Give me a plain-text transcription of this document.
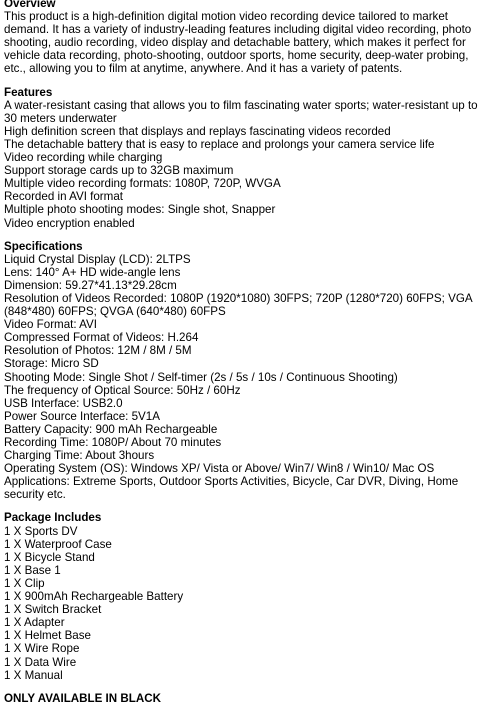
Overview
This product is a high-definition digital motion video recording device tailored to market demand. It has a variety of industry-leading features including digital video recording, photo shooting, audio recording, video display and detachable battery, which makes it perfect for vehicle data recording, photo-shooting, outdoor sports, home security, deep-water probing, etc., allowing you to film at anytime, anywhere. And it has a variety of patents.
Features
A water-resistant casing that allows you to film fascinating water sports; water-resistant up to 30 meters underwater
High definition screen that displays and replays fascinating videos recorded
The detachable battery that is easy to replace and prolongs your camera service life
Video recording while charging
Support storage cards up to 32GB maximum
Multiple video recording formats: 1080P, 720P, WVGA
Recorded in AVI format
Multiple photo shooting modes: Single shot, Snapper
Video encryption enabled
Specifications
Liquid Crystal Display (LCD): 2LTPS
Lens: 140° A+ HD wide-angle lens
Dimension: 59.27*41.13*29.28cm
Resolution of Videos Recorded: 1080P (1920*1080) 30FPS; 720P (1280*720) 60FPS; VGA (848*480) 60FPS; QVGA (640*480) 60FPS
Video Format: AVI
Compressed Format of Videos: H.264
Resolution of Photos: 12M / 8M / 5M
Storage: Micro SD
Shooting Mode: Single Shot / Self-timer (2s / 5s / 10s / Continuous Shooting)
The frequency of Optical Source: 50Hz / 60Hz
USB Interface: USB2.0
Power Source Interface: 5V1A
Battery Capacity: 900 mAh Rechargeable
Recording Time: 1080P/ About 70 minutes
Charging Time: About 3hours
Operating System (OS): Windows XP/ Vista or Above/ Win7/ Win8 / Win10/ Mac OS
Applications: Extreme Sports, Outdoor Sports Activities, Bicycle, Car DVR, Diving, Home security etc.
Package Includes
1 X Sports DV
1 X Waterproof Case
1 X Bicycle Stand
1 X Base 1
1 X Clip
1 X 900mAh Rechargeable Battery
1 X Switch Bracket
1 X Adapter
1 X Helmet Base
1 X Wire Rope
1 X Data Wire
1 X Manual
ONLY AVAILABLE IN BLACK
